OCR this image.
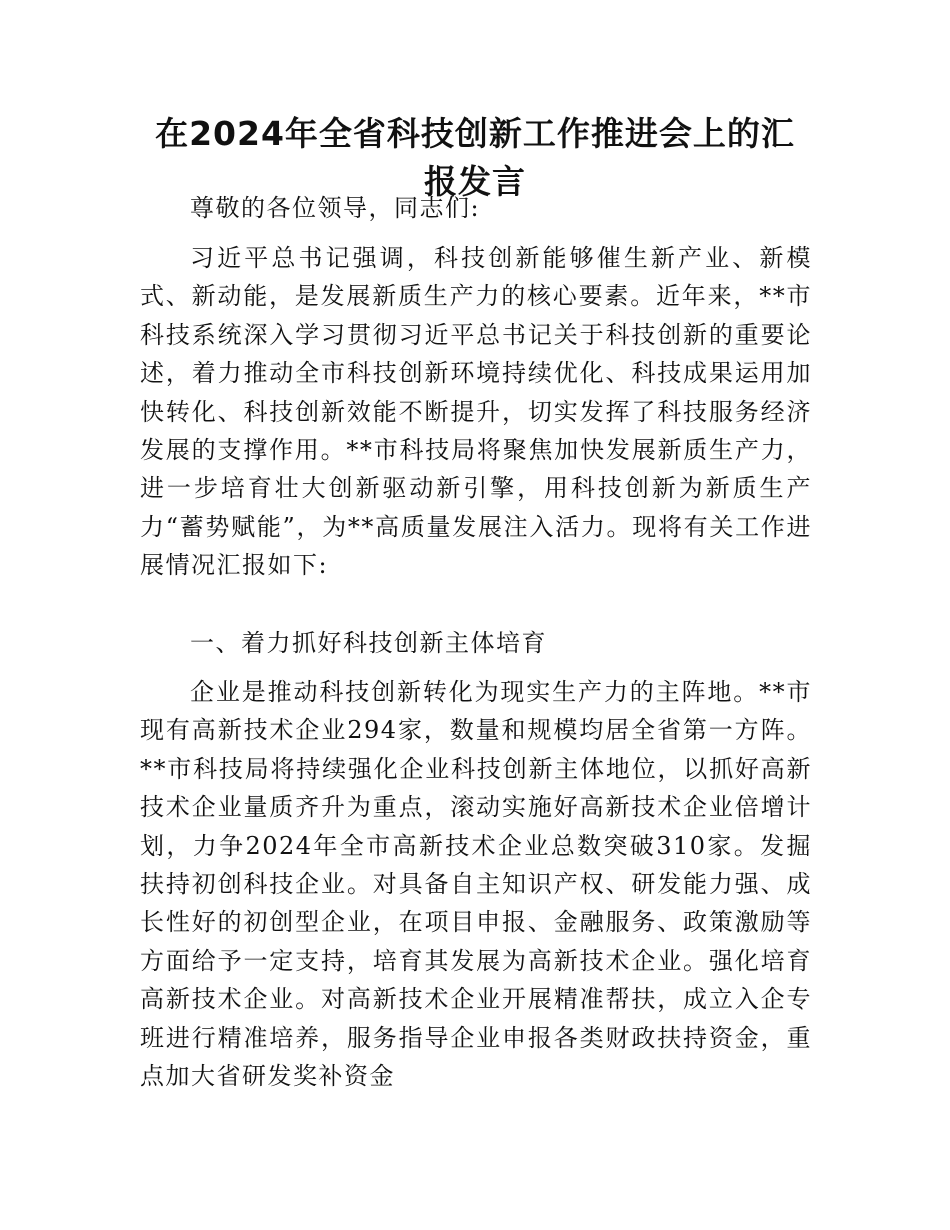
在2024年全省科技创新工作推进会上的汇报发言

尊敬的各位领导，同志们:

习近平总书记强调，科技创新能够催生新产业、新模式、新动能，是发展新质生产力的核心要素。近年来，**市科技系统深入学习贯彻习近平总书记关于科技创新的重要论述，着力推动全市科技创新环境持续优化、科技成果运用加快转化、科技创新效能不断提升，切实发挥了科技服务经济发展的支撑作用。**市科技局将聚焦加快发展新质生产力，进一步培育壮大创新驱动新引擎，用科技创新为新质生产力“蓄势赋能”，为**高质量发展注入活力。现将有关工作进展情况汇报如下:

一、着力抓好科技创新主体培育

企业是推动科技创新转化为现实生产力的主阵地。**市现有高新技术企业294家，数量和规模均居全省第一方阵。**市科技局将持续强化企业科技创新主体地位，以抓好高新技术企业量质齐升为重点，滚动实施好高新技术企业倍增计划，力争2024年全市高新技术企业总数突破310家。发掘扶持初创科技企业。对具备自主知识产权、研发能力强、成长性好的初创型企业，在项目申报、金融服务、政策激励等方面给予一定支持，培育其发展为高新技术企业。强化培育高新技术企业。对高新技术企业开展精准帮扶，成立入企专班进行精准培养，服务指导企业申报各类财政扶持资金，重点加大省研发奖补资金
